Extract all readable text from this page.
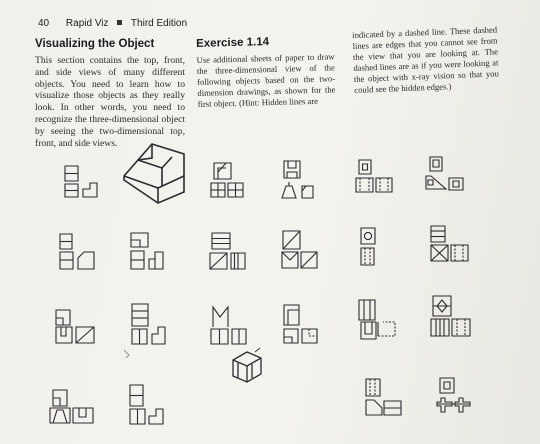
40 Rapid Viz Third Edition
Visualizing the Object

This section contains the top, front, and side views of many different objects. You need to learn how to visualize those objects as they really look. In other words, you need to recognize the three-dimensional object by seeing the two-dimensional top, front, and side views.

Exercise 1.14

Use additional sheets of paper to draw the three-dimensional view of the following objects based on the two-dimension drawings, as shown for the first object. (Hint: Hidden lines are

indicated by a dashed line. These dashed lines are edges that you cannot see from the view that you are looking at. The dashed lines are as if you were looking at the object with x-ray vision so that you could see the hidden edges.)
